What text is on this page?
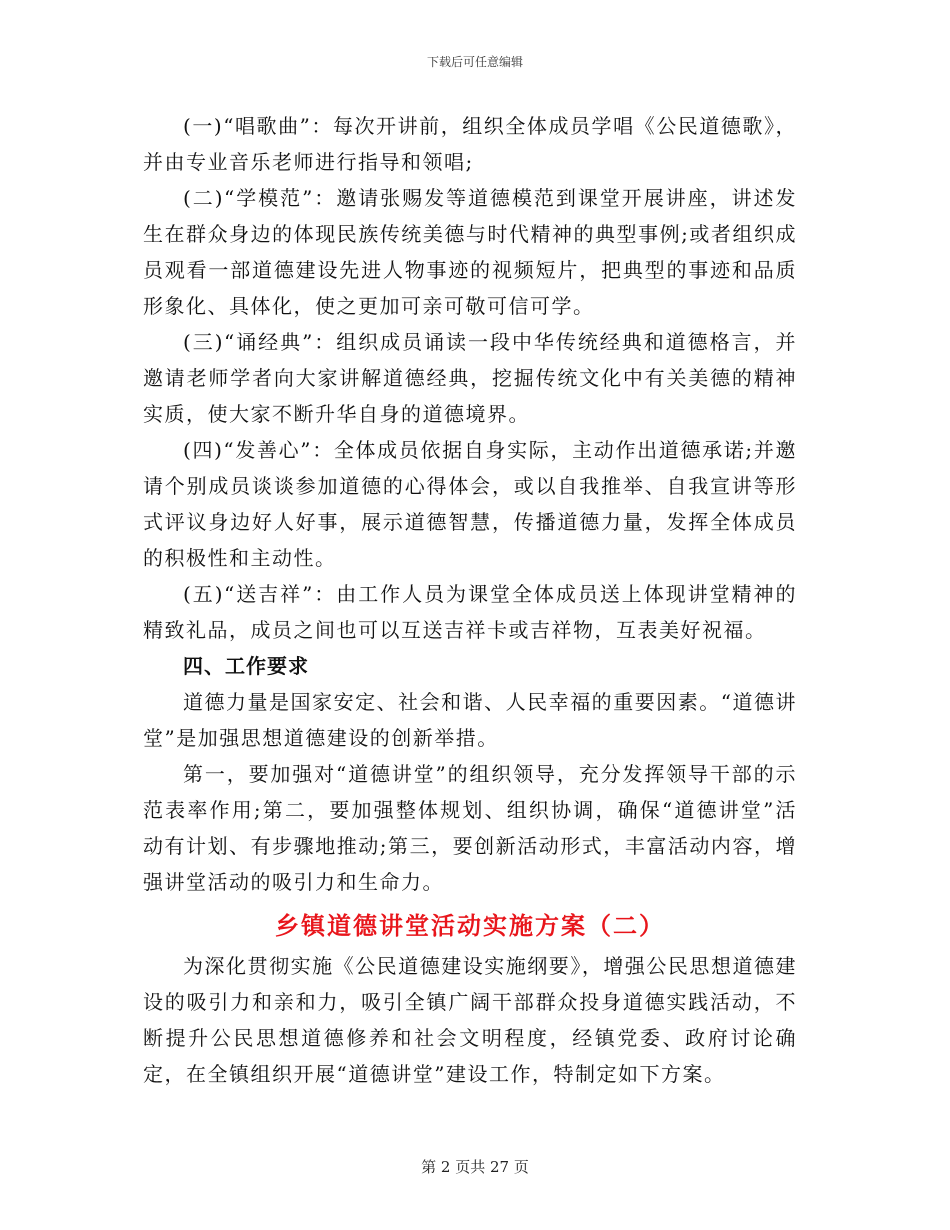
下载后可任意编辑

(一)“唱歌曲”：每次开讲前，组织全体成员学唱《公民道德歌》，并由专业音乐老师进行指导和领唱;

(二)“学模范”：邀请张赐发等道德模范到课堂开展讲座，讲述发生在群众身边的体现民族传统美德与时代精神的典型事例;或者组织成员观看一部道德建设先进人物事迹的视频短片，把典型的事迹和品质形象化、具体化，使之更加可亲可敬可信可学。

(三)“诵经典”：组织成员诵读一段中华传统经典和道德格言，并邀请老师学者向大家讲解道德经典，挖掘传统文化中有关美德的精神实质，使大家不断升华自身的道德境界。

(四)“发善心”：全体成员依据自身实际，主动作出道德承诺;并邀请个别成员谈谈参加道德的心得体会，或以自我推举、自我宣讲等形式评议身边好人好事，展示道德智慧，传播道德力量，发挥全体成员的积极性和主动性。

(五)“送吉祥”：由工作人员为课堂全体成员送上体现讲堂精神的精致礼品，成员之间也可以互送吉祥卡或吉祥物，互表美好祝福。

四、工作要求

道德力量是国家安定、社会和谐、人民幸福的重要因素。“道德讲堂”是加强思想道德建设的创新举措。

第一，要加强对“道德讲堂”的组织领导，充分发挥领导干部的示范表率作用;第二，要加强整体规划、组织协调，确保“道德讲堂”活动有计划、有步骤地推动;第三，要创新活动形式，丰富活动内容，增强讲堂活动的吸引力和生命力。

乡镇道德讲堂活动实施方案（二）

为深化贯彻实施《公民道德建设实施纲要》，增强公民思想道德建设的吸引力和亲和力，吸引全镇广阔干部群众投身道德实践活动，不断提升公民思想道德修养和社会文明程度，经镇党委、政府讨论确定，在全镇组织开展“道德讲堂”建设工作，特制定如下方案。

第 2 页共 27 页
